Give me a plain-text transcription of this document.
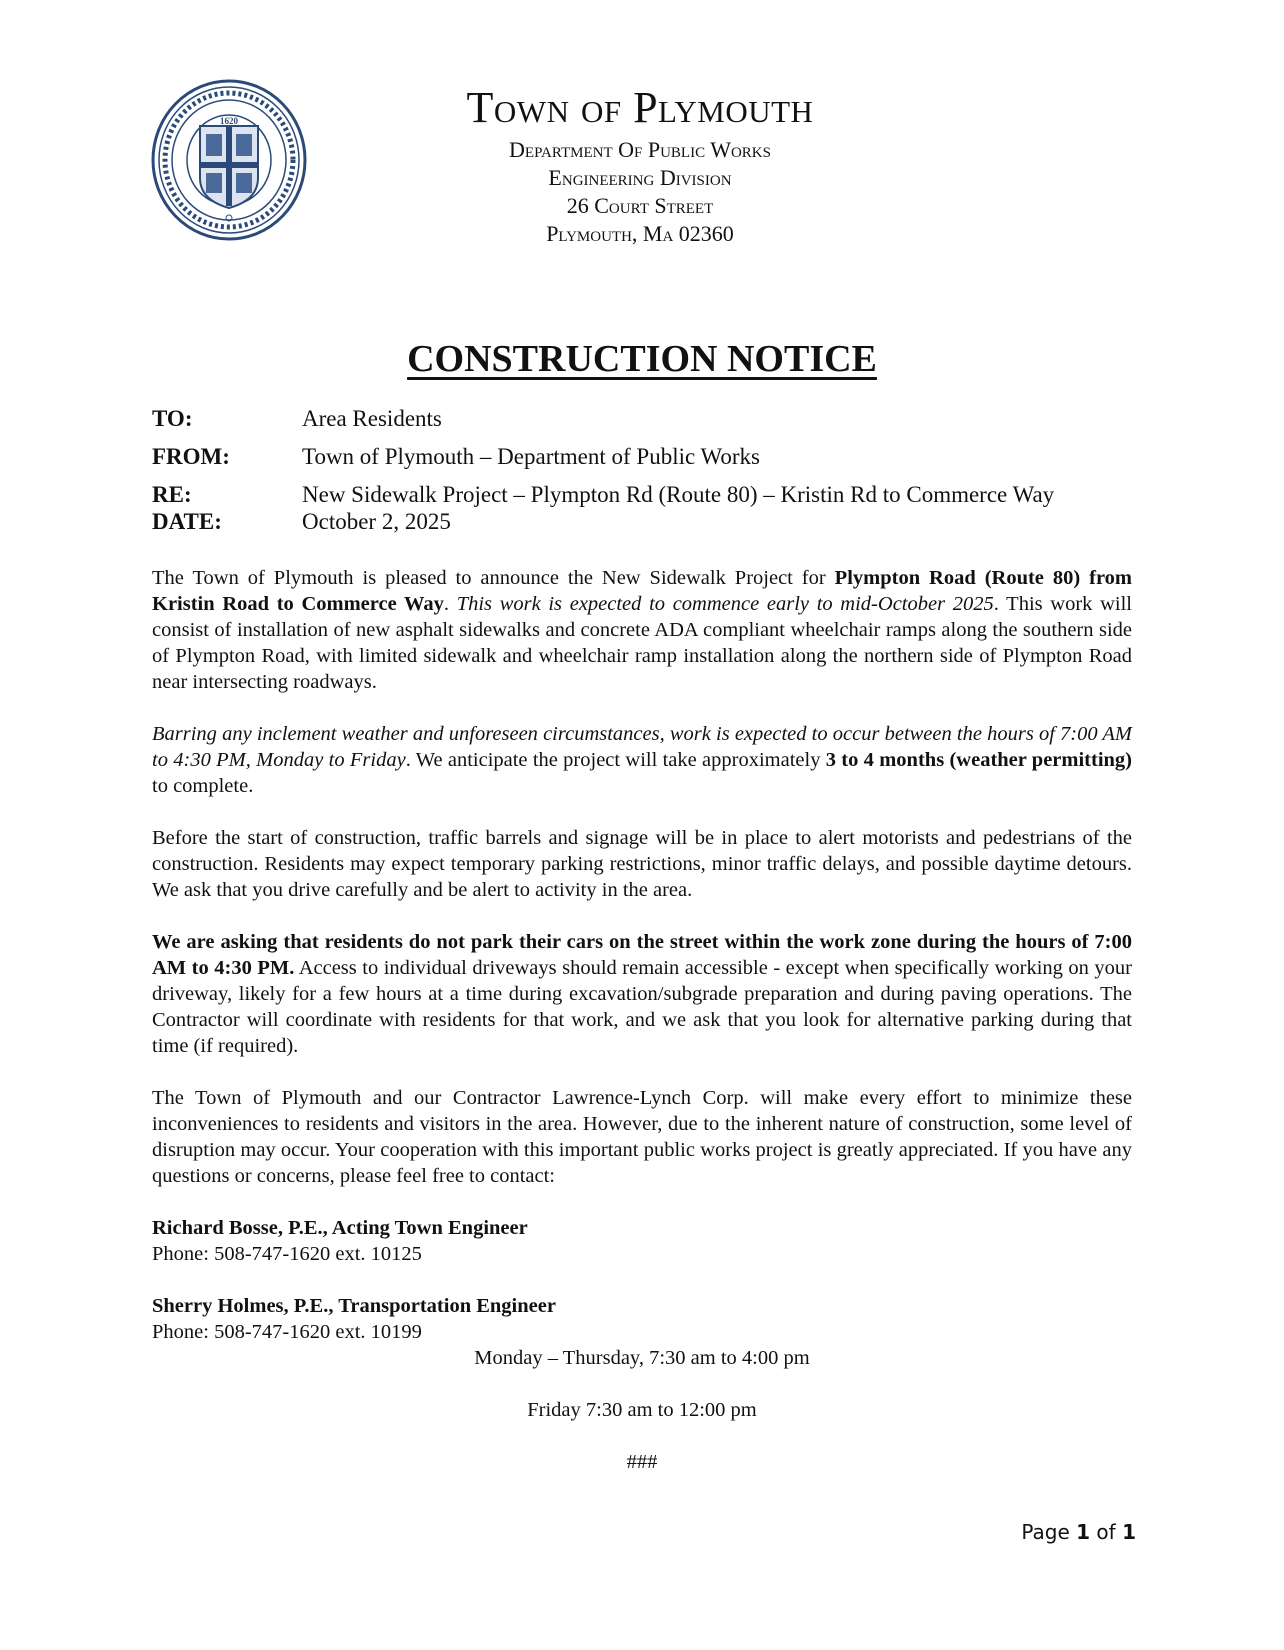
1620	Town of Plymouth
Department Of Public Works
Engineering Division
26 Court Street
Plymouth, Ma 02360
CONSTRUCTION NOTICE
TO:	Area Residents
FROM:	Town of Plymouth – Department of Public Works
RE:	New Sidewalk Project – Plympton Rd (Route 80) – Kristin Rd to Commerce Way
DATE:	October 2, 2025

The Town of Plymouth is pleased to announce the New Sidewalk Project for Plympton Road (Route 80) from Kristin Road to Commerce Way. This work is expected to commence early to mid-October 2025. This work will consist of installation of new asphalt sidewalks and concrete ADA compliant wheelchair ramps along the southern side of Plympton Road, with limited sidewalk and wheelchair ramp installation along the northern side of Plympton Road near intersecting roadways.

Barring any inclement weather and unforeseen circumstances, work is expected to occur between the hours of 7:00 AM to 4:30 PM, Monday to Friday. We anticipate the project will take approximately 3 to 4 months (weather permitting) to complete.

Before the start of construction, traffic barrels and signage will be in place to alert motorists and pedestrians of the construction. Residents may expect temporary parking restrictions, minor traffic delays, and possible daytime detours. We ask that you drive carefully and be alert to activity in the area.

We are asking that residents do not park their cars on the street within the work zone during the hours of 7:00 AM to 4:30 PM. Access to individual driveways should remain accessible - except when specifically working on your driveway, likely for a few hours at a time during excavation/subgrade preparation and during paving operations. The Contractor will coordinate with residents for that work, and we ask that you look for alternative parking during that time (if required).

The Town of Plymouth and our Contractor Lawrence-Lynch Corp. will make every effort to minimize these inconveniences to residents and visitors in the area. However, due to the inherent nature of construction, some level of disruption may occur. Your cooperation with this important public works project is greatly appreciated. If you have any questions or concerns, please feel free to contact:

Richard Bosse, P.E., Acting Town Engineer
Phone: 508-747-1620 ext. 10125
Sherry Holmes, P.E., Transportation Engineer
Phone: 508-747-1620 ext. 10199

Monday – Thursday, 7:30 am to 4:00 pm

Friday 7:30 am to 12:00 pm

###
Page 1 of 1
